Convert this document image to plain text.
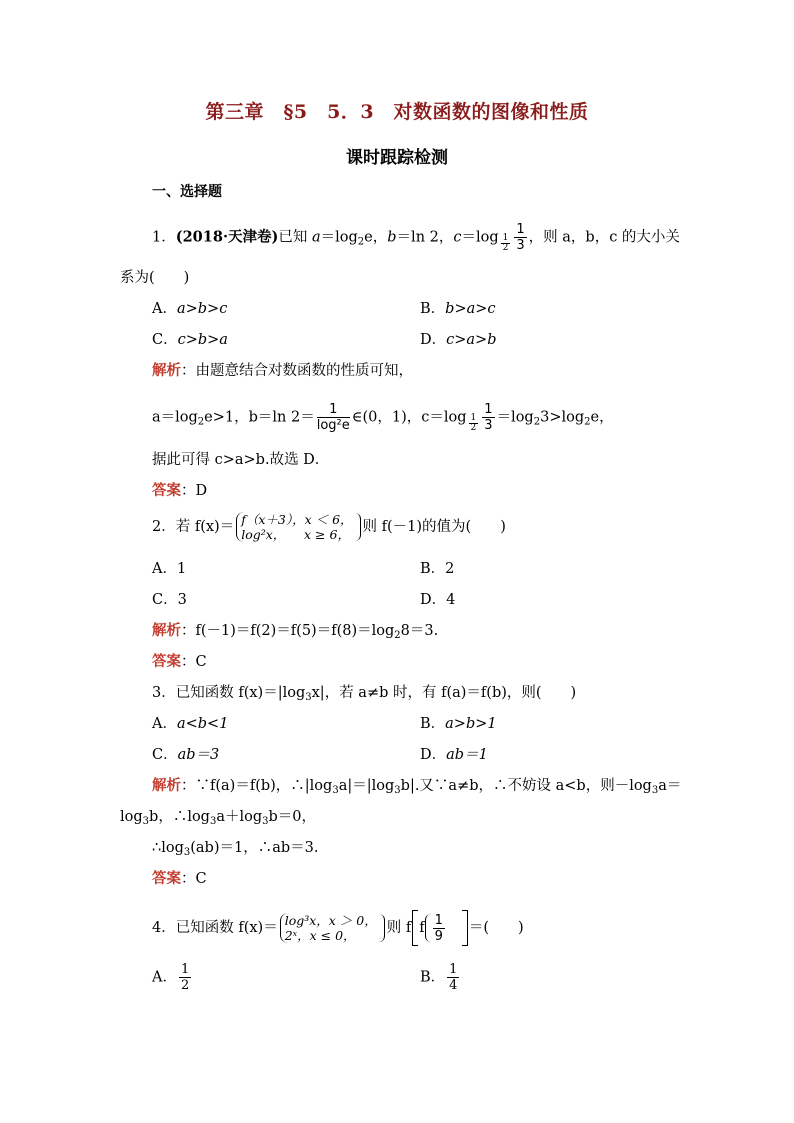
第三章　§5　5．3　对数函数的图像和性质
课时跟踪检测
一、选择题
1．(2018·天津卷)已知 $a=\log_2e$，b＝ln 2，$c=\log \frac{1}{2} \frac{1}{3}$ ，则 a，b，c 的大小关
系为(　　)
A．a>b>c	B．b>a>c
C．c>b>a	D．c>a>b
解析：由题意结合对数函数的性质可知，
$a=\log_2e>1$，b＝ln $2= \frac{1}{\text{log²e}}$ ∈(0，1)，$c=\log \frac{1}{2} \frac{1}{3} =\log_23>\log_2e$，
据此可得 c>a>b.故选 D．
答案：D
2．若 f(x)＝ f（x＋3），x ＜ 6，
log²x，　　x ≥ 6， 则 f(－1)的值为(　　)
A．1	B．2
C．3	D．4
解析：$f(-1)=f(2)=f(5)=f(8)=\log_28=3$.
答案：C
3．已知函数 $f(x)=|\log_3x|$，若 a≠b 时，有 f(a)＝f(b)，则(　　)
A．a<b<1	B．a>b>1
C．ab＝3	D．ab＝1
解析：∵f(a)＝f(b)，$\therefore|\log_3a|=|\log_3b|$.又∵a≠b，∴不妨设 a<b，则$-\log_3a=$
$\log_3b$，$\therefore\log_3a+\log_3b=0$，
$\therefore\log_3(ab)=1$，∴ab＝3.
答案：C
4．已知函数 f(x)＝ log³x，x ＞ 0，
2ˣ，x ≤ 0，	则 f f $\frac{1}{9}$ ＝(　　)
A． $\frac{1}{2}$	B． $\frac{1}{4}$
